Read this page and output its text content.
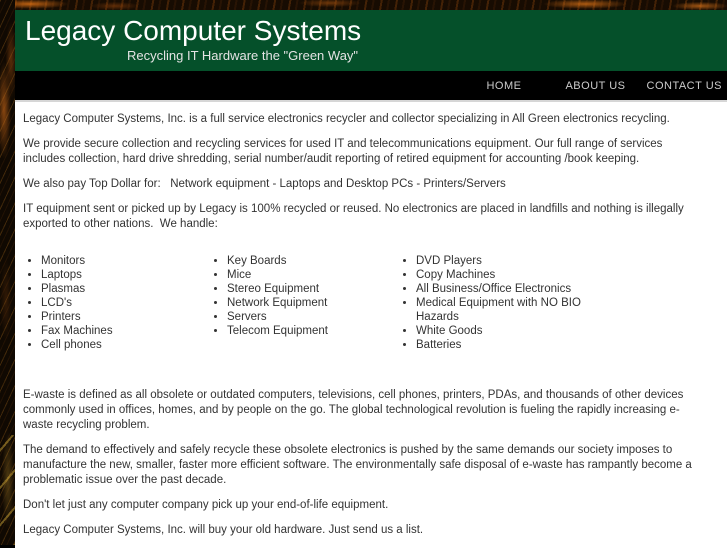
Legacy Computer Systems
Recycling IT Hardware the "Green Way"
HOME	ABOUT US CONTACT US

Legacy Computer Systems, Inc. is a full service electronics recycler and collector specializing in All Green electronics recycling.

We provide secure collection and recycling services for used IT and telecommunications equipment. Our full range of services includes collection, hard drive shredding, serial number/audit reporting of retired equipment for accounting /book keeping.

We also pay Top Dollar for:   Network equipment - Laptops and Desktop PCs - Printers/Servers

IT equipment sent or picked up by Legacy is 100% recycled or reused. No electronics are placed in landfills and nothing is illegally exported to other nations.  We handle:

• Monitors
• Laptops
• Plasmas
• LCD's
• Printers
• Fax Machines
• Cell phones
• Key Boards
• Mice
• Stereo Equipment
• Network Equipment
• Servers
• Telecom Equipment
• DVD Players
• Copy Machines
• All Business/Office Electronics
• Medical Equipment with NO BIO Hazards
• White Goods
• Batteries

E-waste is defined as all obsolete or outdated computers, televisions, cell phones, printers, PDAs, and thousands of other devices commonly used in offices, homes, and by people on the go. The global technological revolution is fueling the rapidly increasing e-waste recycling problem.

The demand to effectively and safely recycle these obsolete electronics is pushed by the same demands our society imposes to manufacture the new, smaller, faster more efficient software. The environmentally safe disposal of e-waste has rampantly become a problematic issue over the past decade.

Don't let just any computer company pick up your end-of-life equipment.

Legacy Computer Systems, Inc. will buy your old hardware. Just send us a list.
